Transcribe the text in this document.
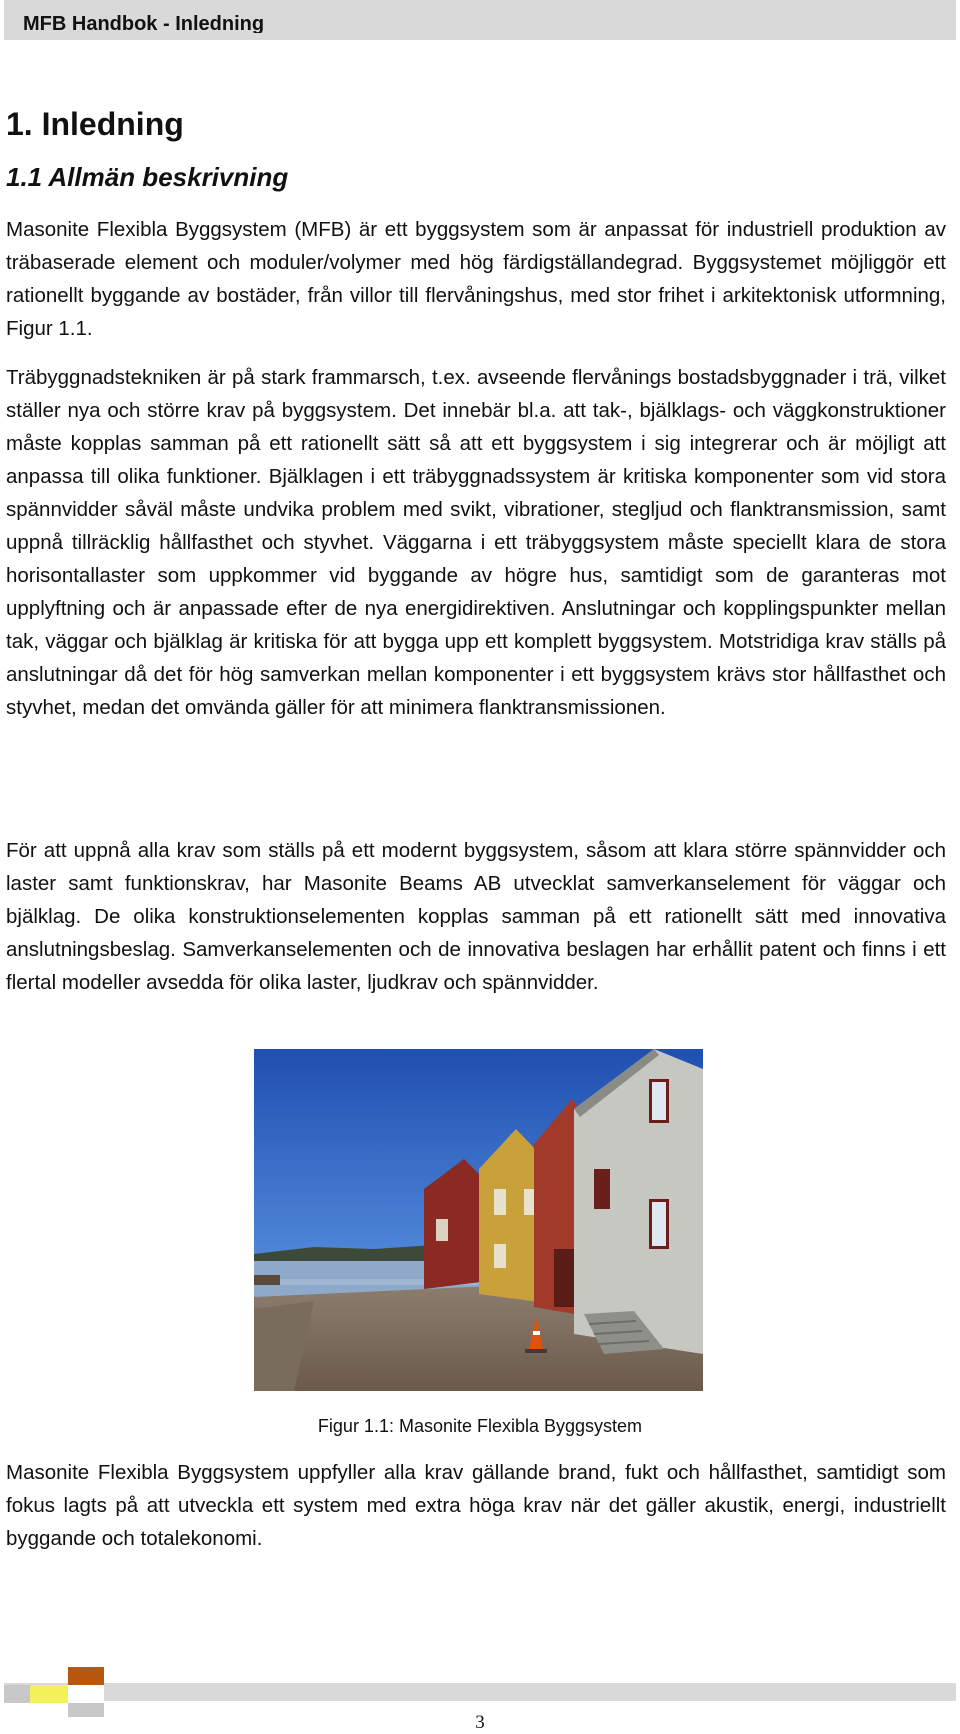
MFB Handbok - Inledning
1. Inledning
1.1 Allmän beskrivning

Masonite Flexibla Byggsystem (MFB) är ett byggsystem som är anpassat för industriell produktion av träbaserade element och moduler/volymer med hög färdigställandegrad. Byggsystemet möjliggör ett rationellt byggande av bostäder, från villor till flervåningshus, med stor frihet i arkitektonisk utformning, Figur 1.1.

Träbyggnadstekniken är på stark frammarsch, t.ex. avseende flervånings bostadsbyggnader i trä, vilket ställer nya och större krav på byggsystem. Det innebär bl.a. att tak-, bjälklags- och väggkonstruktioner måste kopplas samman på ett rationellt sätt så att ett byggsystem i sig integrerar och är möjligt att anpassa till olika funktioner. Bjälklagen i ett träbyggnadssystem är kritiska komponenter som vid stora spännvidder såväl måste undvika problem med svikt, vibrationer, stegljud och flanktransmission, samt uppnå tillräcklig hållfasthet och styvhet. Väggarna i ett träbyggsystem måste speciellt klara de stora horisontallaster som uppkommer vid byggande av högre hus, samtidigt som de garanteras mot upplyftning och är anpassade efter de nya energidirektiven. Anslutningar och kopplingspunkter mellan tak, väggar och bjälklag är kritiska för att bygga upp ett komplett byggsystem. Motstridiga krav ställs på anslutningar då det för hög samverkan mellan komponenter i ett byggsystem krävs stor hållfasthet och styvhet, medan det omvända gäller för att minimera flanktransmissionen.

För att uppnå alla krav som ställs på ett modernt byggsystem, såsom att klara större spännvidder och laster samt funktionskrav, har Masonite Beams AB utvecklat samverkanselement för väggar och bjälklag. De olika konstruktionselementen kopplas samman på ett rationellt sätt med innovativa anslutningsbeslag. Samverkanselementen och de innovativa beslagen har erhållit patent och finns i ett flertal modeller avsedda för olika laster, ljudkrav och spännvidder.

Figur 1.1: Masonite Flexibla Byggsystem

Masonite Flexibla Byggsystem uppfyller alla krav gällande brand, fukt och hållfasthet, samtidigt som fokus lagts på att utveckla ett system med extra höga krav när det gäller akustik, energi, industriellt byggande och totalekonomi.

3
